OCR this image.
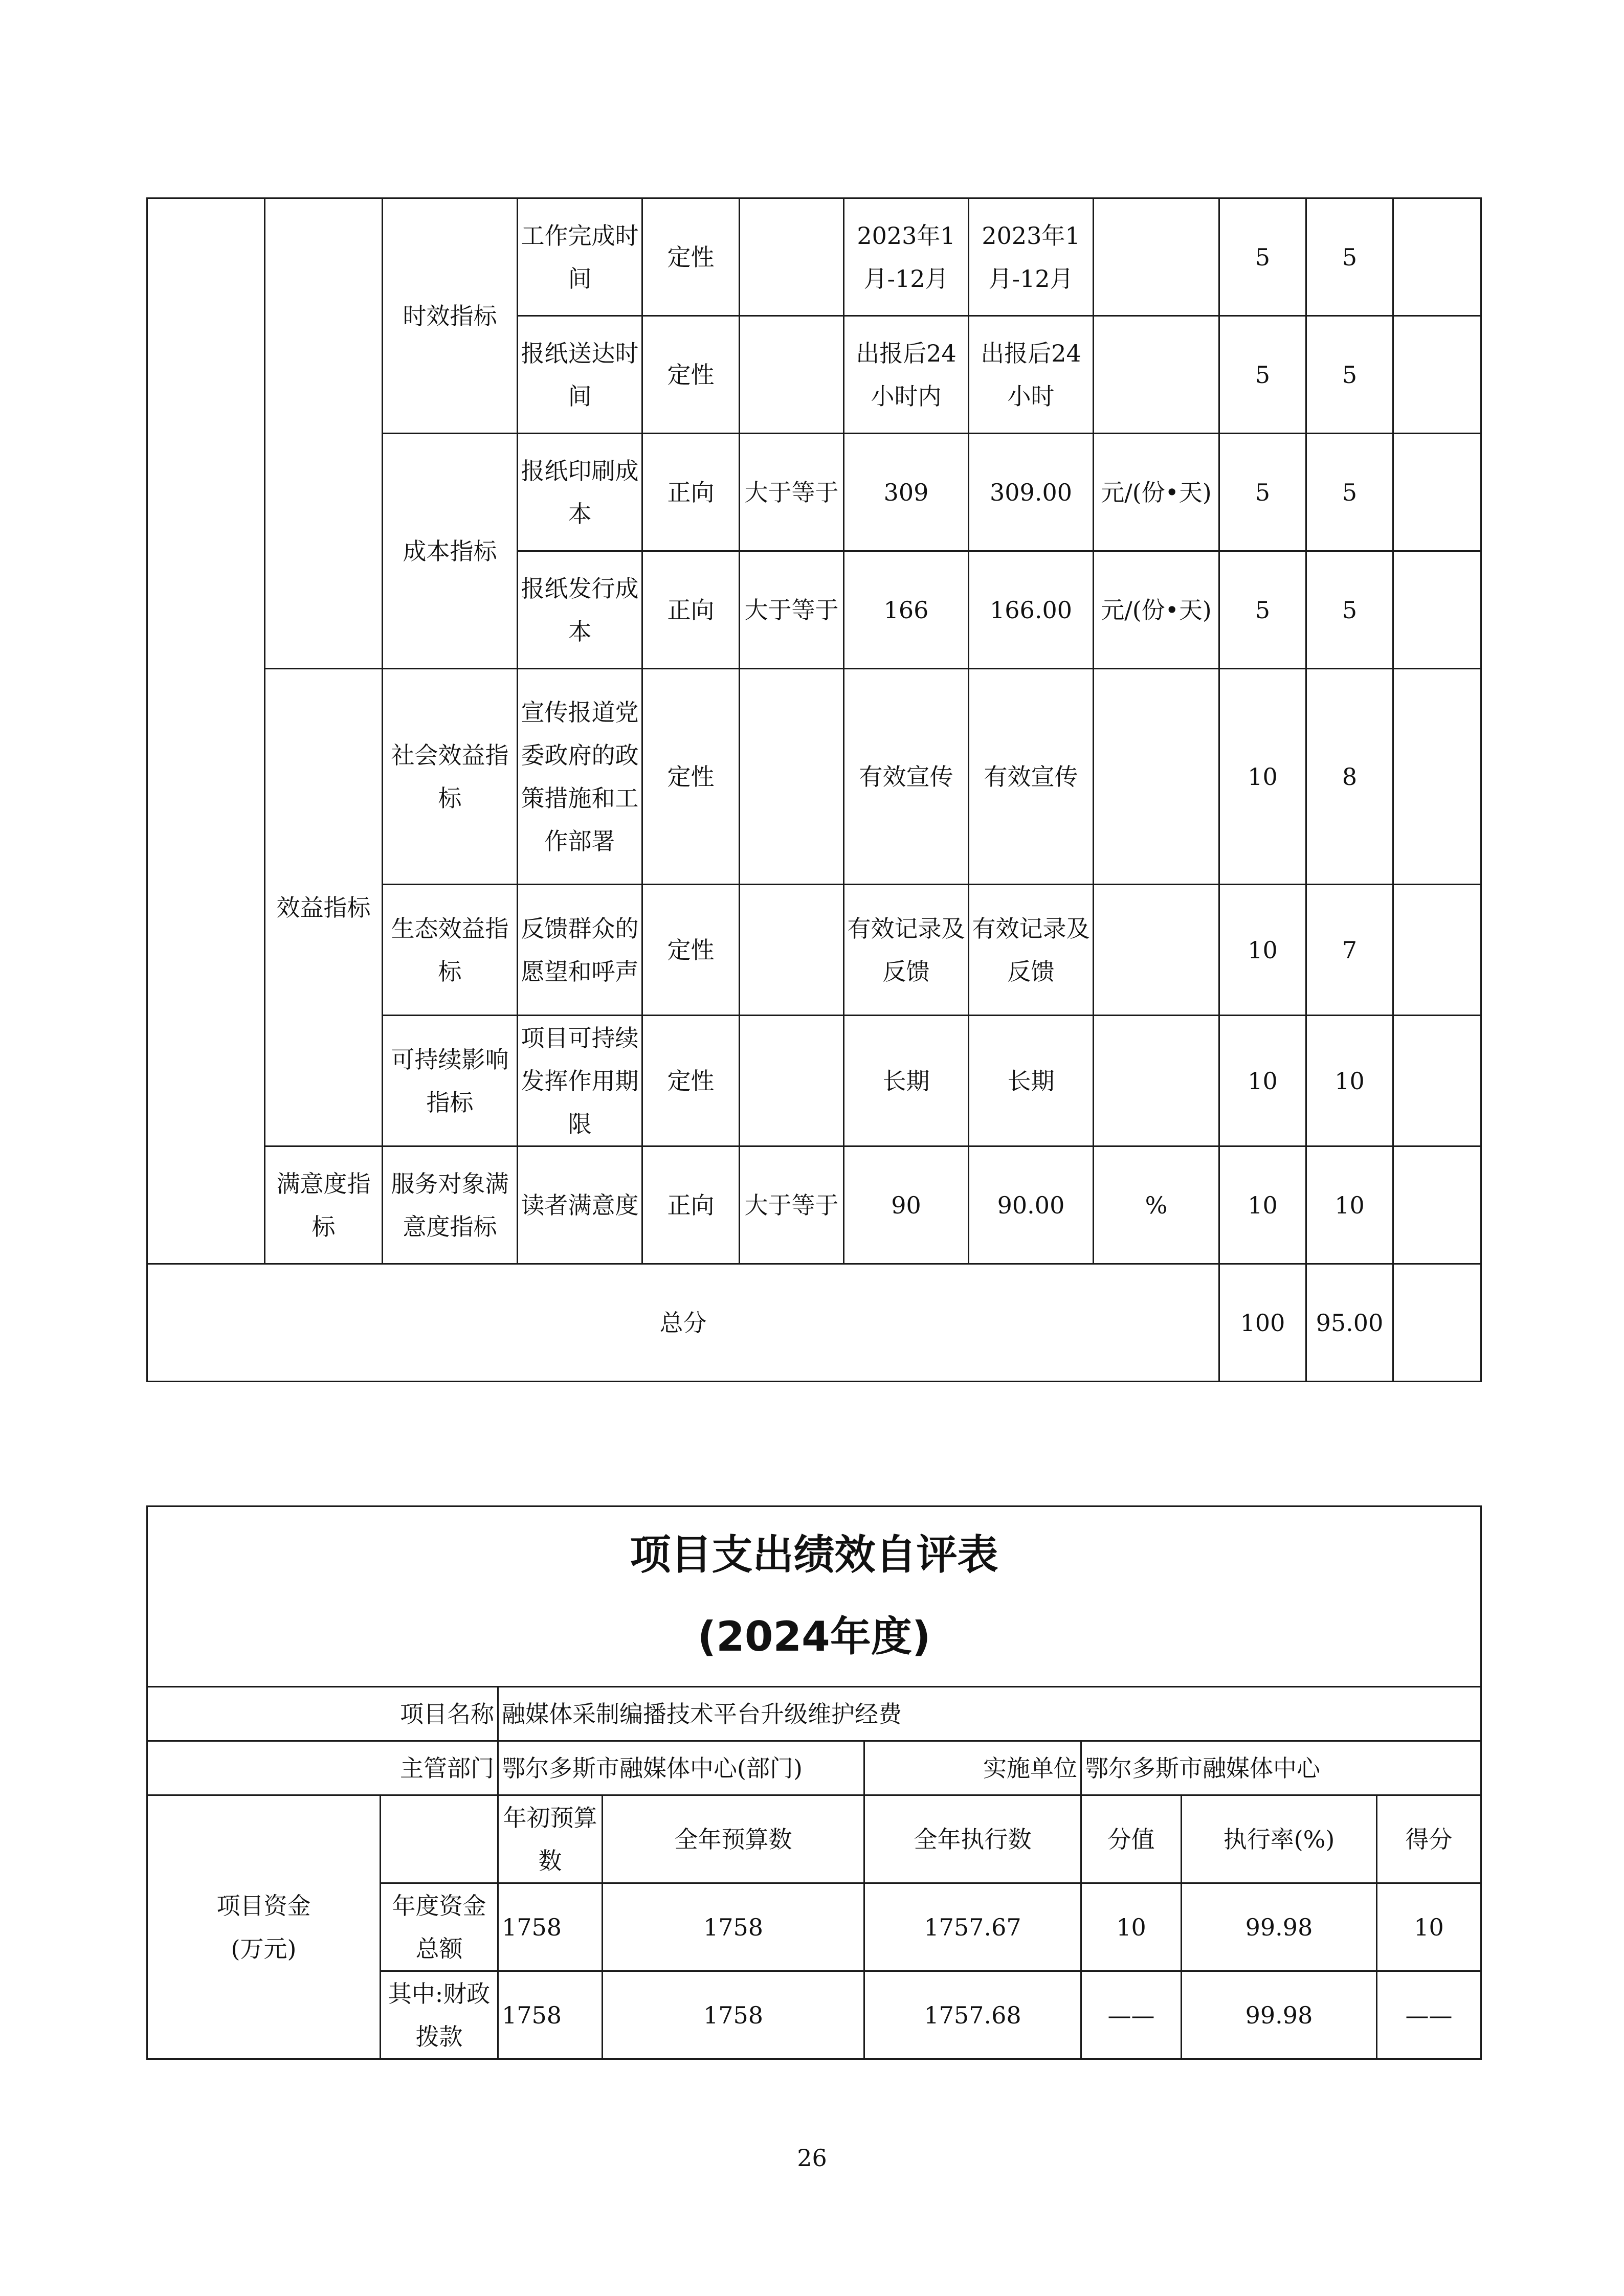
		时效指标	工作完成时间	定性		2023年1月-12月	2023年1月-12月		5	5	
			报纸送达时间	定性		出报后24小时内	出报后24小时		5	5	
		成本指标	报纸印刷成本	正向	大于等于	309	309.00	元/(份•天)	5	5	
			报纸发行成本	正向	大于等于	166	166.00	元/(份•天)	5	5	
	效益指标	社会效益指标	宣传报道党委政府的政策措施和工作部署	定性		有效宣传	有效宣传		10	8	
		生态效益指标	反馈群众的愿望和呼声	定性		有效记录及反馈	有效记录及反馈		10	7	
		可持续影响指标	项目可持续发挥作用期限	定性		长期	长期		10	10	
	满意度指标	服务对象满意度指标	读者满意度	正向	大于等于	90	90.00	%	10	10	
总分									100	95.00	
项目支出绩效自评表
(2024年度)							

项目名称		融媒体采制编播技术平台升级维护经费					
主管部门		鄂尔多斯市融媒体中心(部门)		实施单位	鄂尔多斯市融媒体中心		

项目资金
(万元)		年初预算数	全年预算数	全年执行数	分值	执行率(%)	得分
	年度资金总额	1758	1758	1757.67	10	99.98	10
	其中:财政拨款	1758	1758	1757.68	——	99.98	——
26
